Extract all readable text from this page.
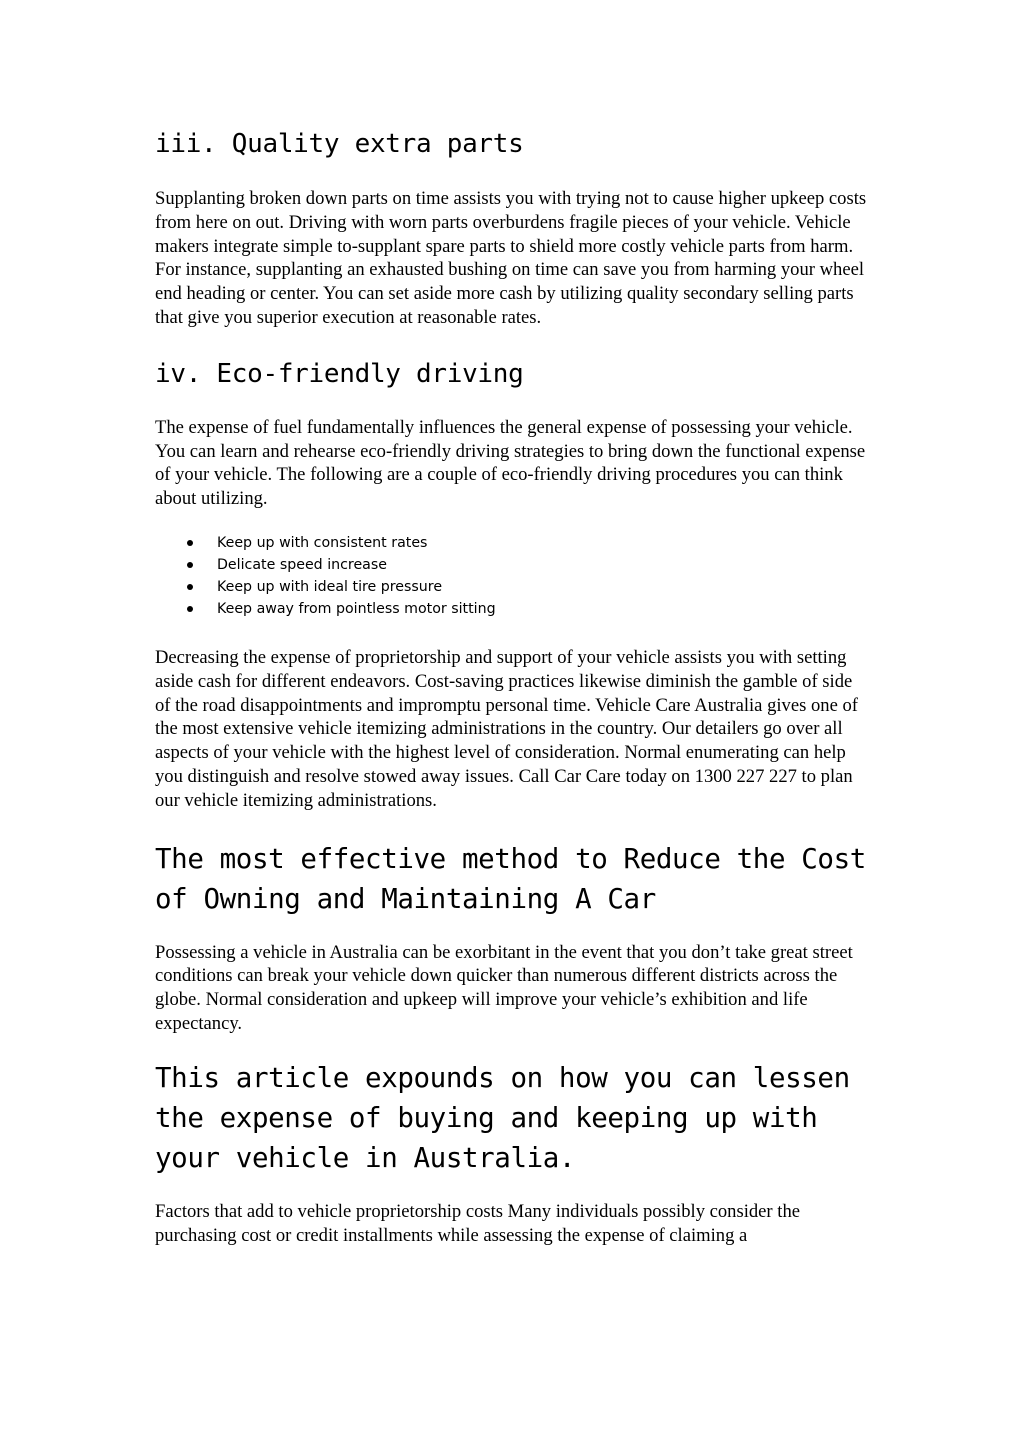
iii. Quality extra parts

Supplanting broken down parts on time assists you with trying not to cause higher upkeep costs from here on out. Driving with worn parts overburdens fragile pieces of your vehicle. Vehicle makers integrate simple to-supplant spare parts to shield more costly vehicle parts from harm. For instance, supplanting an exhausted bushing on time can save you from harming your wheel end heading or center. You can set aside more cash by utilizing quality secondary selling parts that give you superior execution at reasonable rates.

iv. Eco-friendly driving

The expense of fuel fundamentally influences the general expense of possessing your vehicle. You can learn and rehearse eco-friendly driving strategies to bring down the functional expense of your vehicle. The following are a couple of eco-friendly driving procedures you can think about utilizing.

Keep up with consistent rates
Delicate speed increase
Keep up with ideal tire pressure
Keep away from pointless motor sitting

Decreasing the expense of proprietorship and support of your vehicle assists you with setting aside cash for different endeavors. Cost-saving practices likewise diminish the gamble of side of the road disappointments and impromptu personal time. Vehicle Care Australia gives one of the most extensive vehicle itemizing administrations in the country. Our detailers go over all aspects of your vehicle with the highest level of consideration. Normal enumerating can help you distinguish and resolve stowed away issues. Call Car Care today on 1300 227 227 to plan our vehicle itemizing administrations.

The most effective method to Reduce the Cost of Owning and Maintaining A Car

Possessing a vehicle in Australia can be exorbitant in the event that you don’t take great street conditions can break your vehicle down quicker than numerous different districts across the globe. Normal consideration and upkeep will improve your vehicle’s exhibition and life expectancy.

This article expounds on how you can lessen the expense of buying and keeping up with your vehicle in Australia.

Factors that add to vehicle proprietorship costs Many individuals possibly consider the purchasing cost or credit installments while assessing the expense of claiming a
